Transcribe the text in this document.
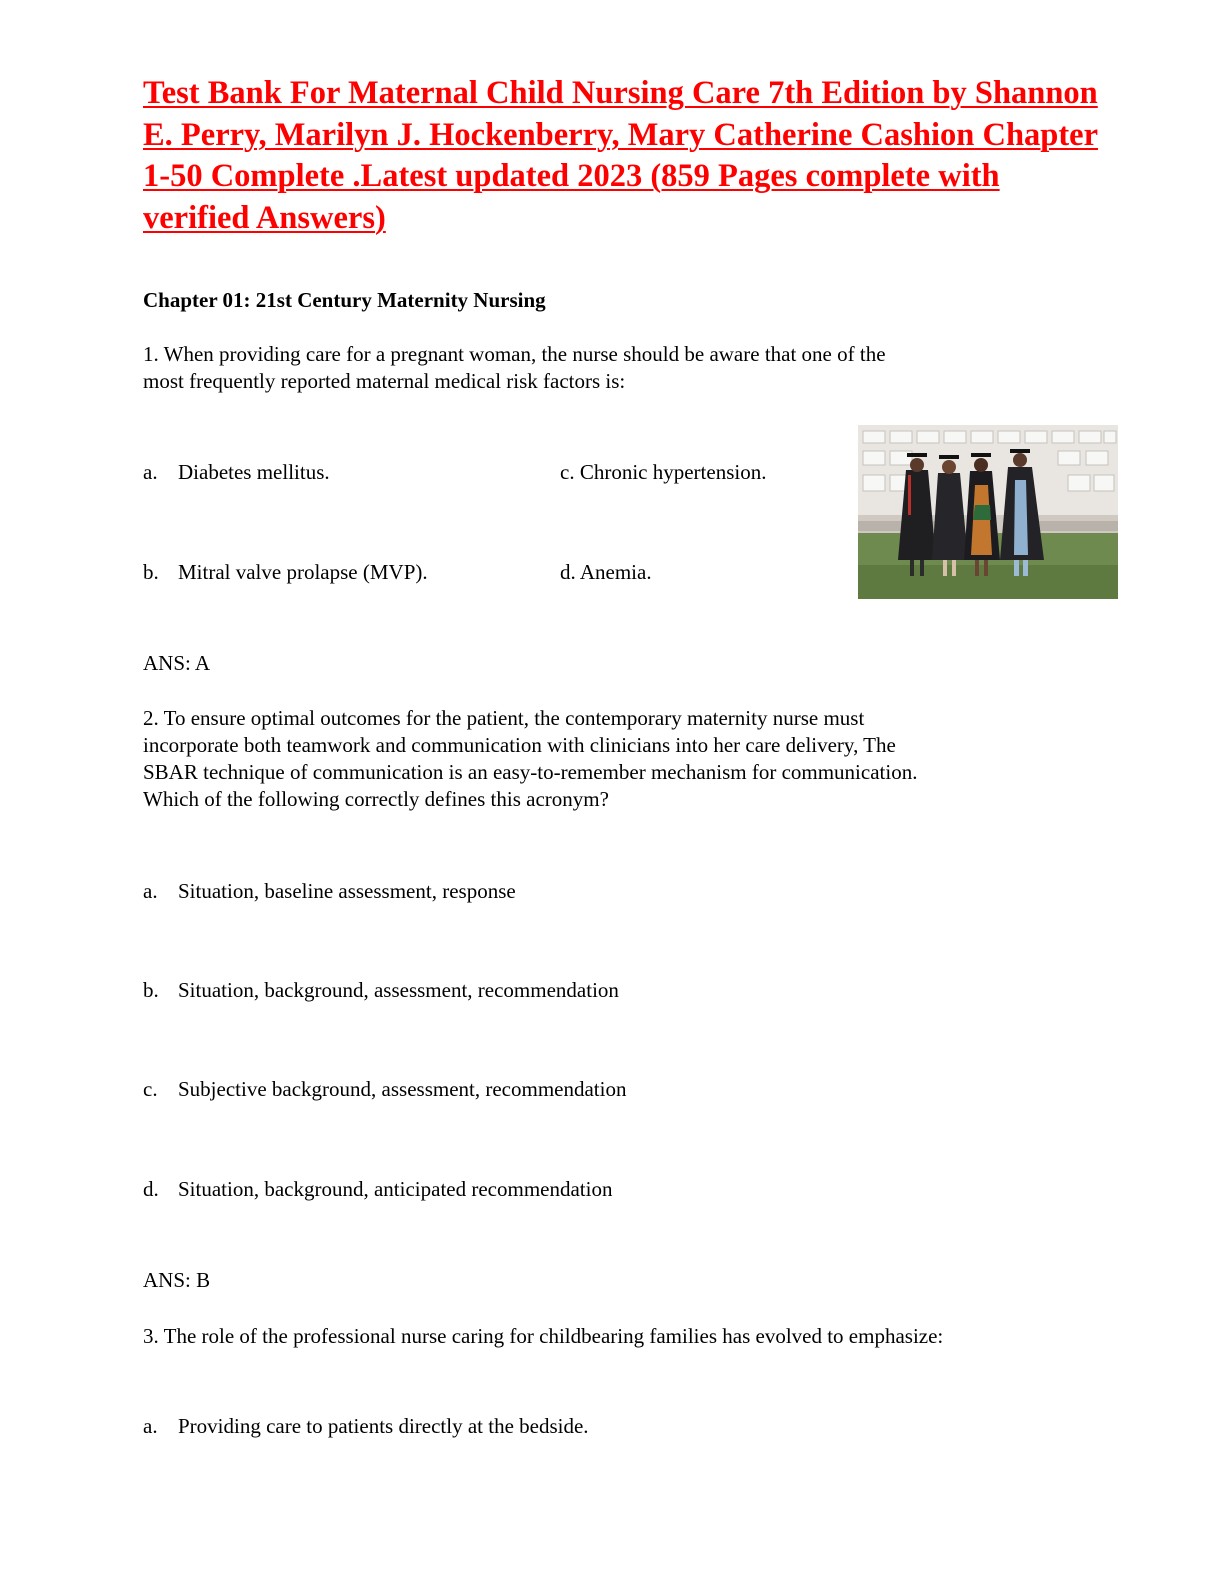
Test Bank For Maternal Child Nursing Care 7th Edition by Shannon E. Perry, Marilyn J. Hockenberry, Mary Catherine Cashion Chapter 1-50 Complete .Latest updated 2023 (859 Pages complete with verified Answers)

Chapter 01: 21st Century Maternity Nursing

1. When providing care for a pregnant woman, the nurse should be aware that one of the

most frequently reported maternal medical risk factors is:

a. Diabetes mellitus.	c. Chronic hypertension.
b. Mitral valve prolapse (MVP).	d. Anemia.

ANS: A

2. To ensure optimal outcomes for the patient, the contemporary maternity nurse must

incorporate both teamwork and communication with clinicians into her care delivery, The

SBAR technique of communication is an easy-to-remember mechanism for communication.

Which of the following correctly defines this acronym?

a. Situation, baseline assessment, response
b. Situation, background, assessment, recommendation
c. Subjective background, assessment, recommendation
d. Situation, background, anticipated recommendation

ANS: B

3. The role of the professional nurse caring for childbearing families has evolved to emphasize:

a. Providing care to patients directly at the bedside.
